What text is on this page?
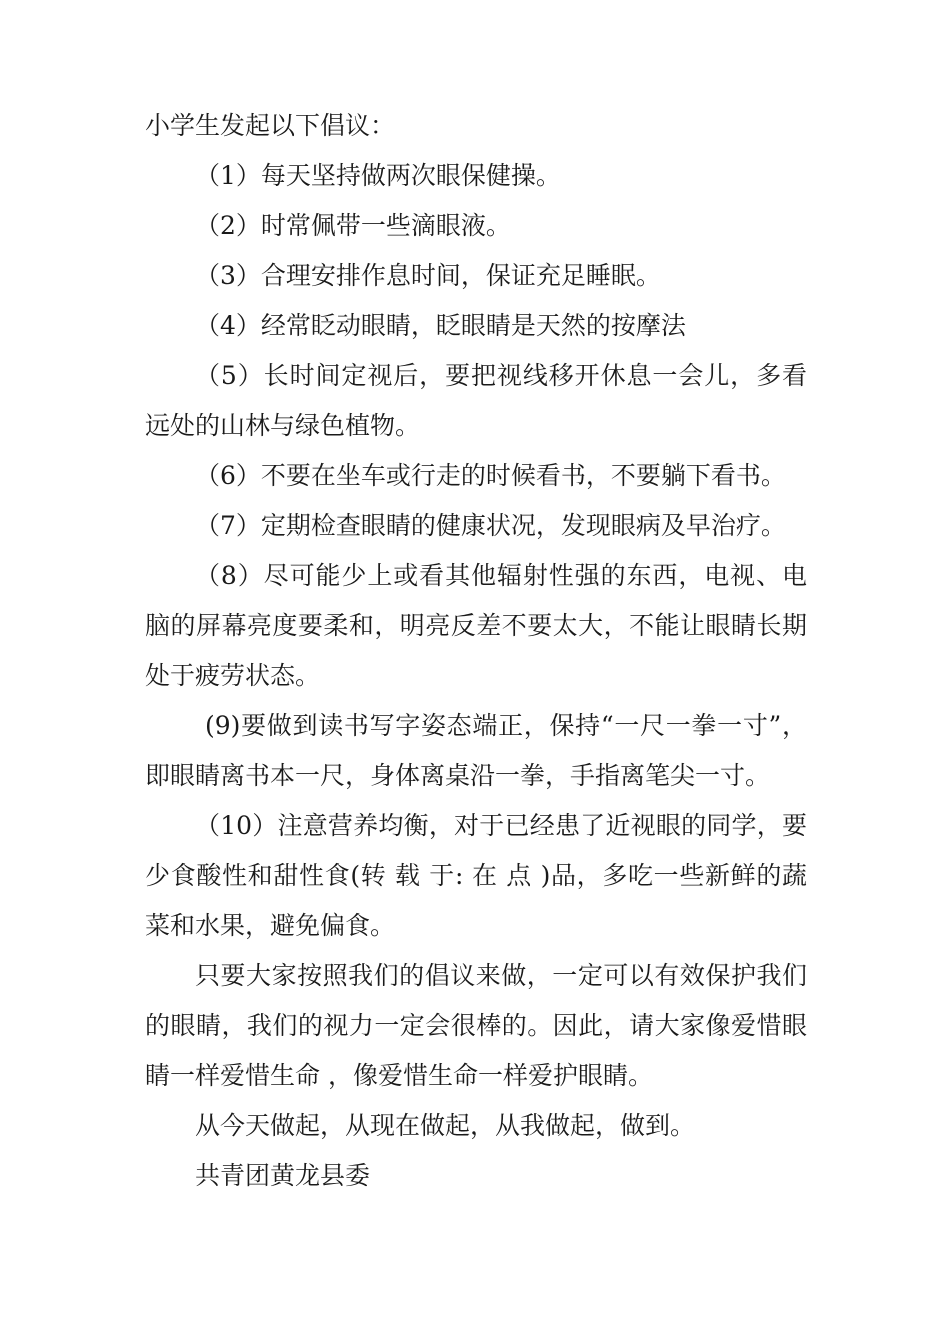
小学生发起以下倡议：

（1）每天坚持做两次眼保健操。

（2）时常佩带一些滴眼液。

（3）合理安排作息时间，保证充足睡眠。

（4）经常眨动眼睛，眨眼睛是天然的按摩法

（5）长时间定视后，要把视线移开休息一会儿，多看远处的山林与绿色植物。

（6）不要在坐车或行走的时候看书，不要躺下看书。

（7）定期检查眼睛的健康状况，发现眼病及早治疗。

（8）尽可能少上或看其他辐射性强的东西，电视、电脑的屏幕亮度要柔和，明亮反差不要太大，不能让眼睛长期处于疲劳状态。

(9)要做到读书写字姿态端正，保持“一尺一拳一寸”，即眼睛离书本一尺，身体离桌沿一拳，手指离笔尖一寸。

（10）注意营养均衡，对于已经患了近视眼的同学，要少食酸性和甜性食(转 载 于: 在 点 )品，多吃一些新鲜的蔬菜和水果，避免偏食。

只要大家按照我们的倡议来做，一定可以有效保护我们的眼睛，我们的视力一定会很棒的。因此，请大家像爱惜眼睛一样爱惜生命 ，像爱惜生命一样爱护眼睛。

从今天做起，从现在做起，从我做起，做到。

共青团黄龙县委
